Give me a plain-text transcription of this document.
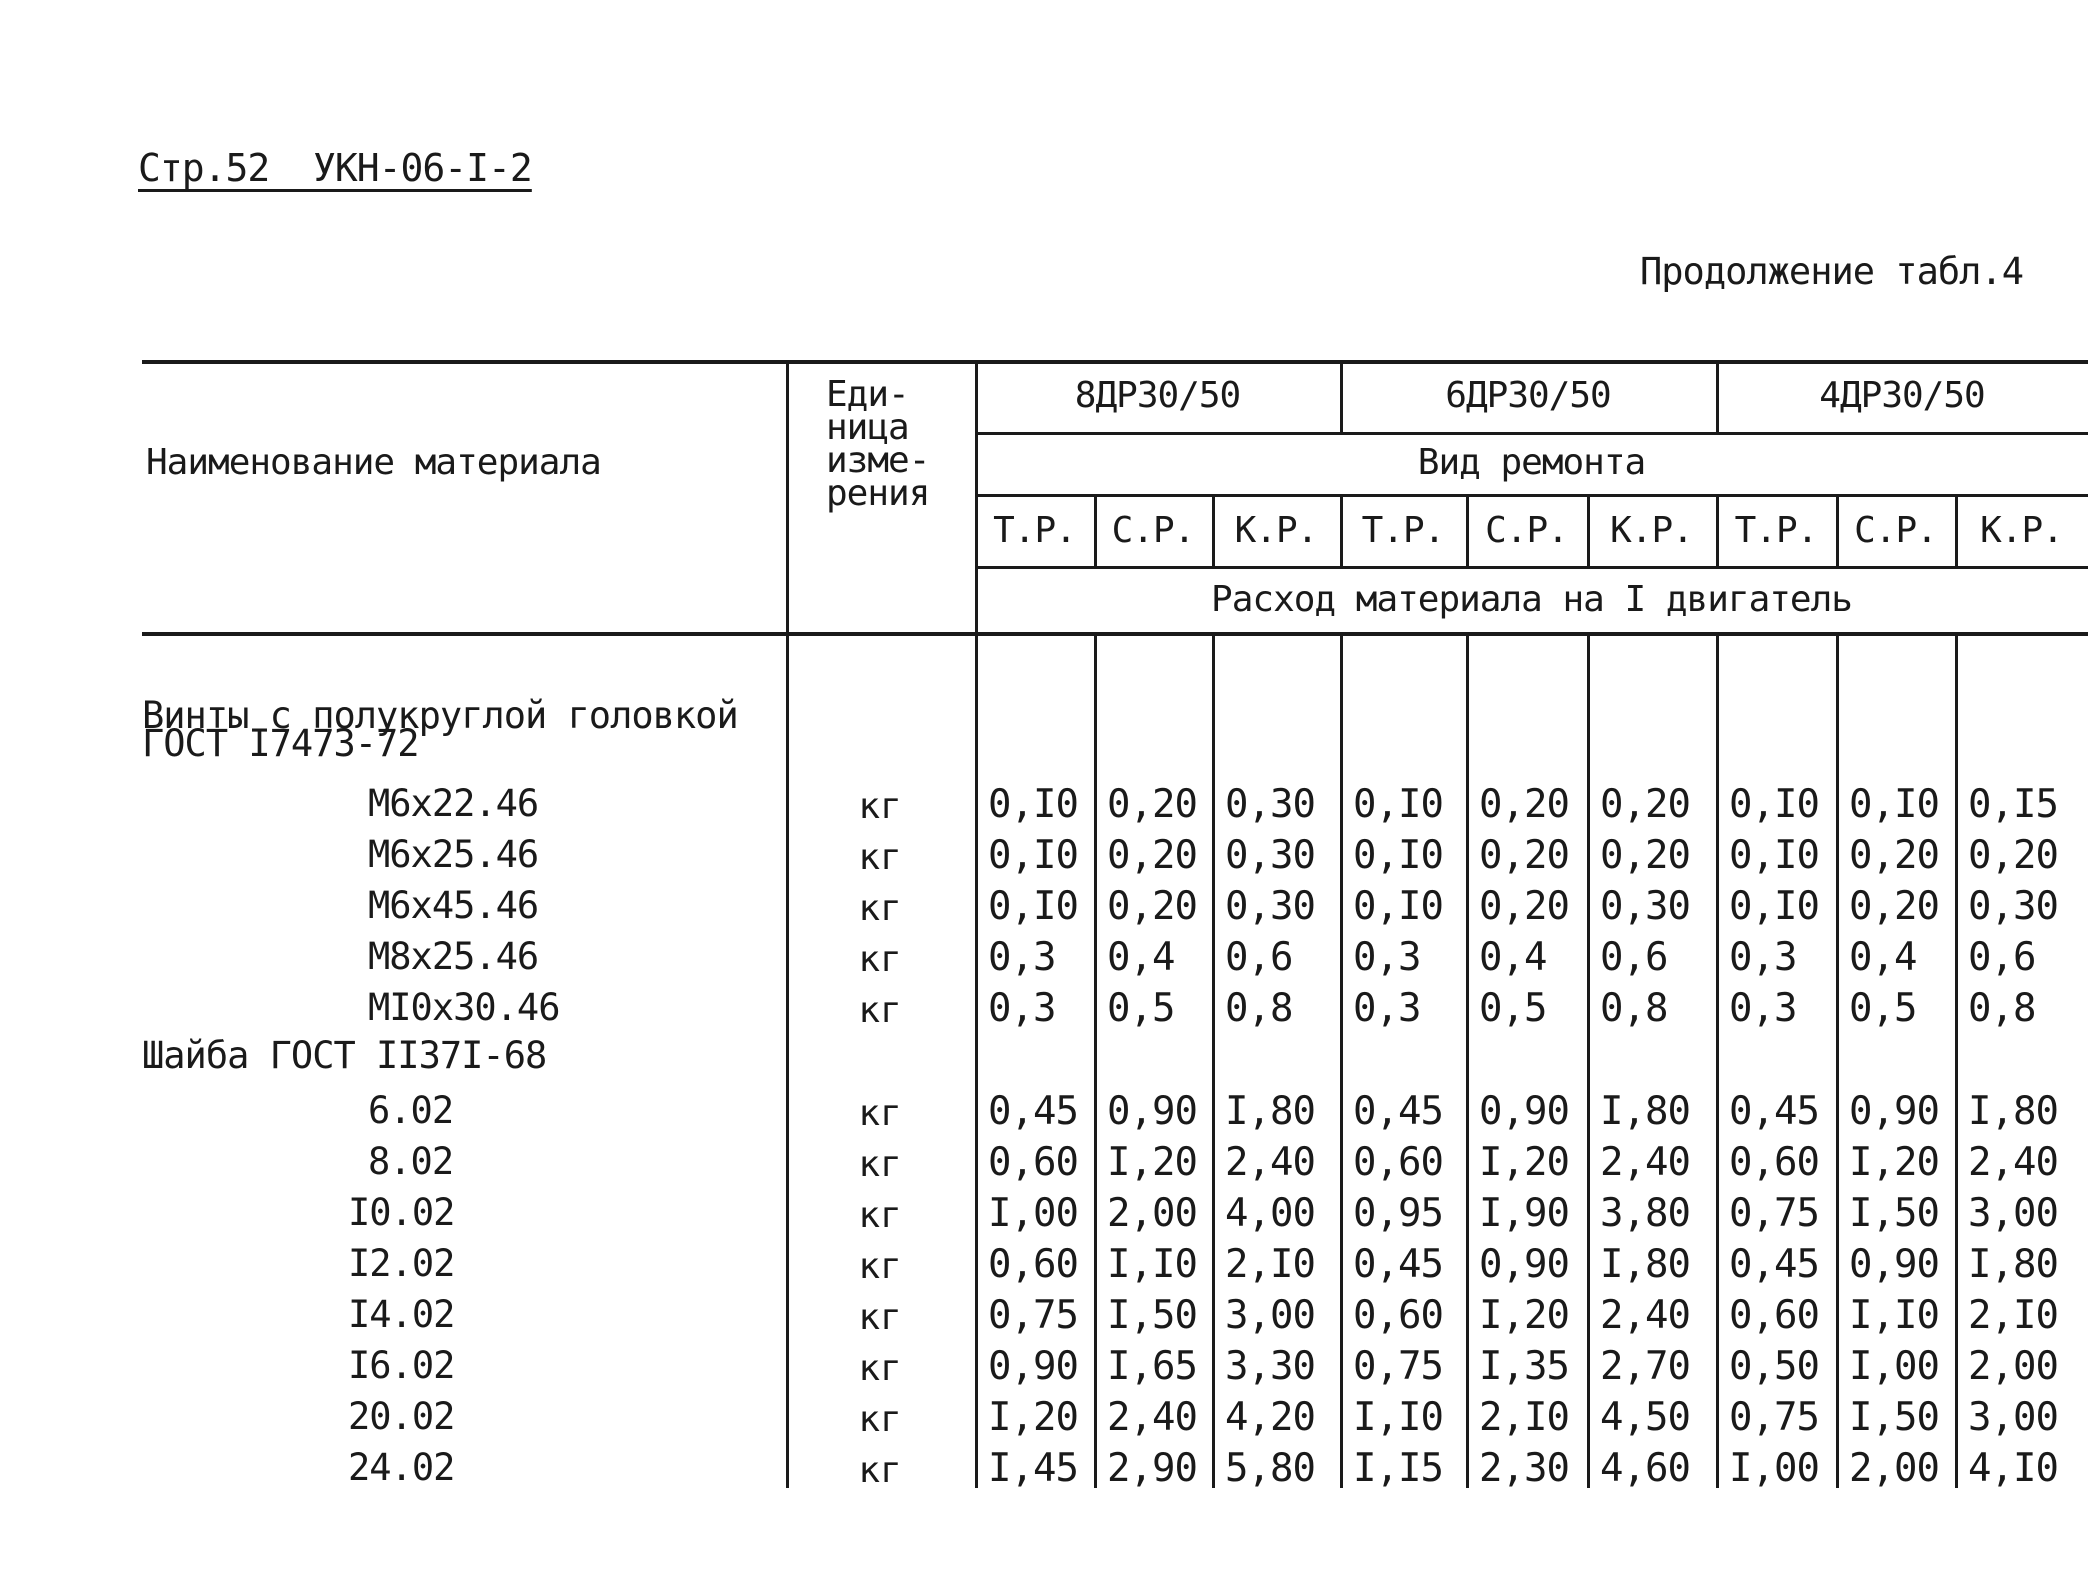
Стр.52  УКН-06-I-2
Продолжение табл.4
Наименование материала
Еди-
ница
изме-
рения
8ДР30/50	6ДР30/50	4ДР30/50
Вид ремонта
Т.Р. С.Р.	К.Р.	Т.Р.	С.Р.	К.Р.	Т.Р.	С.Р.	К.Р.
Расход материала на I двигатель
Винты с полукруглой головкой
ГОСТ I7473-72
М6x22.46	кг	0,I0 0,20 0,30 0,I0 0,20 0,20	0,I0 0,I0 0,I5
М6x25.46	кг	0,I0 0,20 0,30 0,I0 0,20 0,20	0,I0 0,20 0,20
М6x45.46	кг	0,I0 0,20 0,30 0,I0 0,20 0,30	0,I0 0,20 0,30
М8x25.46	кг	0,3	0,4	0,6	0,3	0,4	0,6	0,3	0,4	0,6
МI0x30.46	кг	0,3	0,5	0,8	0,3	0,5	0,8	0,3	0,5	0,8
Шайба ГОСТ II37I-68
6.02	кг	0,45 0,90 I,80 0,45 0,90 I,80	0,45 0,90 I,80
8.02	кг	0,60 I,20 2,40 0,60 I,20 2,40	0,60 I,20 2,40
I0.02	кг	I,00 2,00 4,00 0,95 I,90 3,80	0,75 I,50 3,00
I2.02	кг	0,60 I,I0 2,I0 0,45 0,90 I,80	0,45 0,90 I,80
I4.02	кг	0,75 I,50 3,00 0,60 I,20 2,40	0,60 I,I0 2,I0
I6.02	кг	0,90 I,65 3,30 0,75 I,35 2,70	0,50 I,00 2,00
20.02	кг	I,20 2,40 4,20 I,I0 2,I0 4,50	0,75 I,50 3,00
24.02	кг	I,45 2,90 5,80 I,I5 2,30 4,60	I,00 2,00 4,I0
